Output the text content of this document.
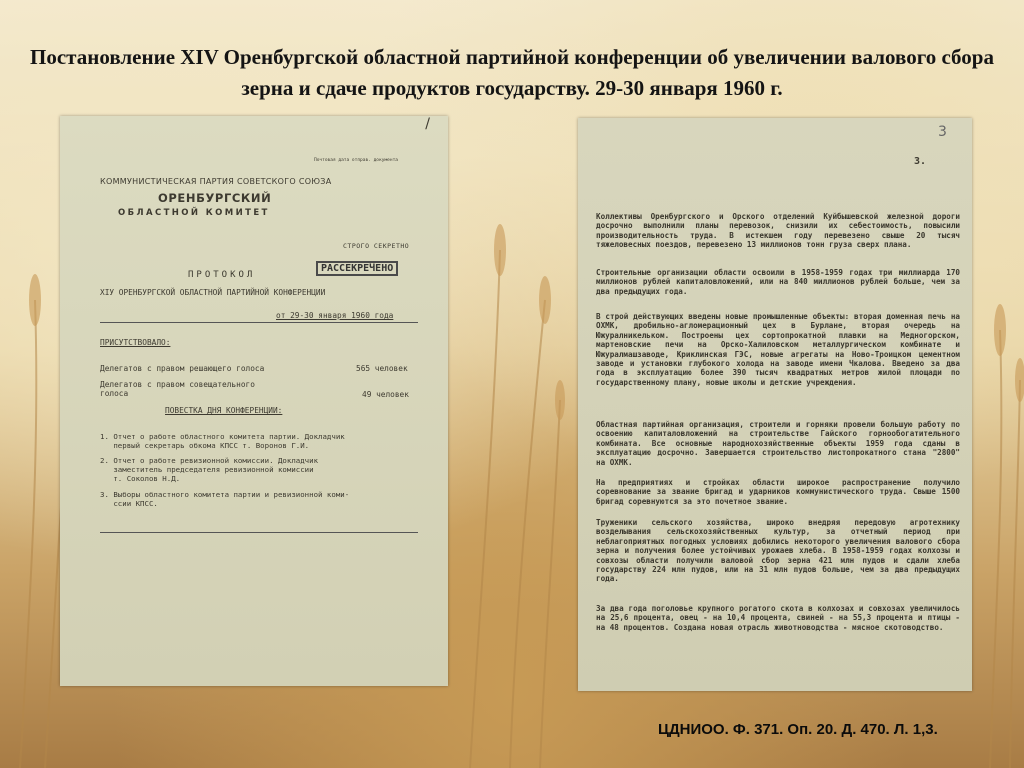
Постановление XIV Оренбургской областной партийной конференции об увеличении валового сбора зерна и сдаче продуктов государству. 29-30 января 1960 г.
/
Почтовая дата отправ. документа
КОММУНИСТИЧЕСКАЯ ПАРТИЯ СОВЕТСКОГО СОЮЗА
ОРЕНБУРГСКИЙ
ОБЛАСТНОЙ КОМИТЕТ
СТРОГО СЕКРЕТНО
ПРОТОКОЛ
РАССЕКРЕЧЕНО
XIУ ОРЕНБУРГСКОЙ ОБЛАСТНОЙ ПАРТИЙНОЙ КОНФЕРЕНЦИИ
от 29-30 января 1960 года
ПРИСУТСТВОВАЛО:
Делегатов с правом решающего голоса	565 человек
Делегатов с правом совещательного
голоса	49 человек
ПОВЕСТКА ДНЯ КОНФЕРЕНЦИИ:
1. Отчет о работе областного комитета партии. Докладчик
первый секретарь обкома КПСС т. Воронов Г.И.
2. Отчет о работе ревизионной комиссии. Докладчик
заместитель председателя ревизионной комиссии
т. Соколов Н.Д.
3. Выборы областного комитета партии и ревизионной коми-
ссии КПСС.
3
3.
Коллективы Оренбургского и Орского отделений Куйбышевской железной дороги досрочно выполнили планы перевозок, снизили их себестоимость, повысили производительность труда. В истекшем году перевезено свыше 20 тысяч тяжеловесных поездов, перевезено 13 миллионов тонн груза сверх плана.
Строительные организации области освоили в 1958-1959 годах три миллиарда 170 миллионов рублей капиталовложений, или на 840 миллионов рублей больше, чем за два предыдущих года.
В строй действующих введены новые промышленные объекты: вторая доменная печь на ОХМК, дробильно-агломерационный цех в Бурлане, вторая очередь на Южуралникельком. Построены цех сортопрокатной плавки на Медногорском, мартеновские печи на Орско-Халиловском металлургическом комбинате и Южуралмашзаводе, Криклинская ГЭС, новые агрегаты на Ново-Троицком цементном заводе и установки глубокого холода на заводе имени Чкалова. Введено за два года в эксплуатацию более 390 тысяч квадратных метров жилой площади по государственному плану, новые школы и детские учреждения.
Областная партийная организация, строители и горняки провели большую работу по освоению капиталовложений на строительстве Гайского горнообогатительного комбината. Все основные народнохозяйственные объекты 1959 года сданы в эксплуатацию досрочно. Завершается строительство листопрокатного стана "2800" на ОХМК.
На предприятиях и стройках области широкое распространение получило соревнование за звание бригад и ударников коммунистического труда. Свыше 1500 бригад соревнуются за это почетное звание.
Труженики сельского хозяйства, широко внедряя передовую агротехнику возделывания сельскохозяйственных культур, за отчетный период при неблагоприятных погодных условиях добились некоторого увеличения валового сбора зерна и получения более устойчивых урожаев хлеба. В 1958-1959 годах колхозы и совхозы области получили валовой сбор зерна 421 млн пудов и сдали хлеба государству 224 млн пудов, или на 31 млн пудов больше, чем за два предыдущих года.
За два года поголовье крупного рогатого скота в колхозах и совхозах увеличилось на 25,6 процента, овец - на 10,4 процента, свиней - на 55,3 процента и птицы - на 48 процентов. Создана новая отрасль животноводства - мясное скотоводство.
ЦДНИОО. Ф. 371. Оп. 20. Д. 470. Л. 1,3.
